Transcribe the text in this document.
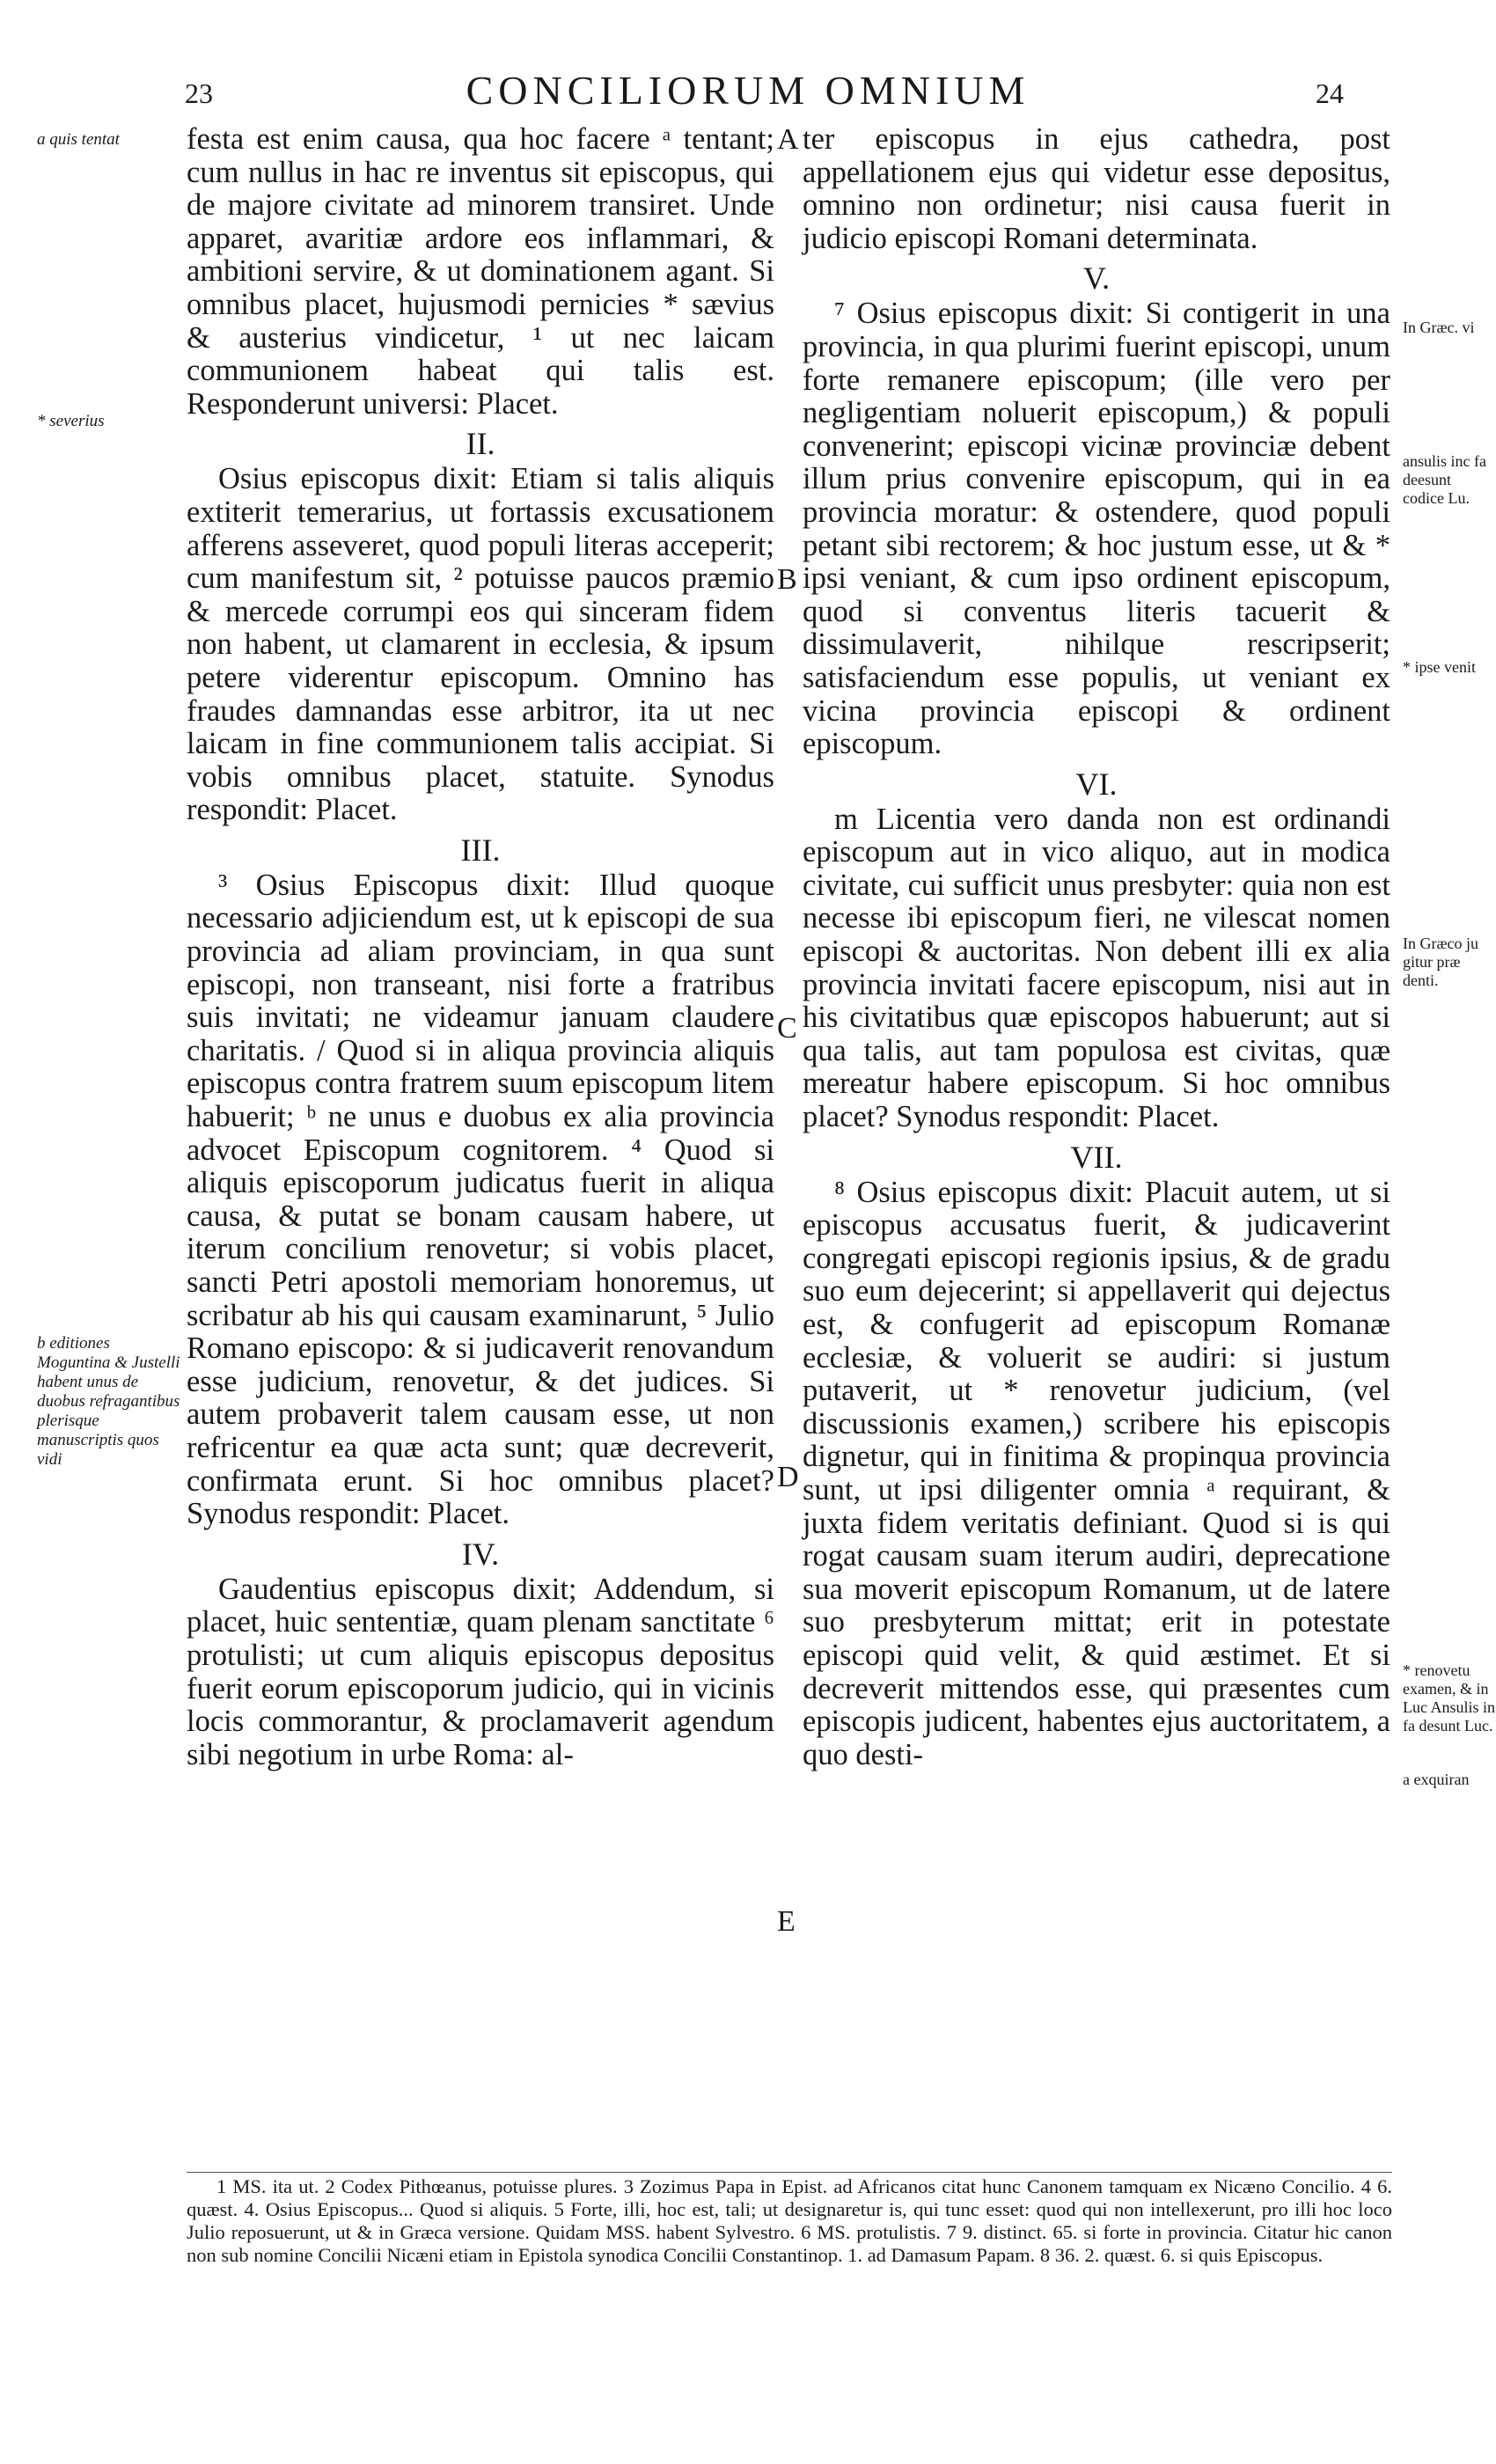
23	CONCILIORUM OMNIUM	24

festa est enim causa, qua hoc facere ᵃ tentant; cum nullus in hac re inventus sit episcopus, qui de majore civitate ad minorem transiret. Unde apparet, avaritiæ ardore eos inflammari, & ambitioni servire, & ut dominationem agant. Si omnibus placet, hujusmodi pernicies * sævius & austerius vindicetur, ¹ ut nec laicam communionem habeat qui talis est. Responderunt universi: Placet.

II.

Osius episcopus dixit: Etiam si talis aliquis extiterit temerarius, ut fortassis excusationem afferens asseveret, quod populi literas acceperit; cum manifestum sit, ² potuisse paucos præmio & mercede corrumpi eos qui sinceram fidem non habent, ut clamarent in ecclesia, & ipsum petere viderentur episcopum. Omnino has fraudes damnandas esse arbitror, ita ut nec laicam in fine communionem talis accipiat. Si vobis omnibus placet, statuite. Synodus respondit: Placet.

III.

³ Osius Episcopus dixit: Illud quoque necessario adjiciendum est, ut k episcopi de sua provincia ad aliam provinciam, in qua sunt episcopi, non transeant, nisi forte a fratribus suis invitati; ne videamur januam claudere charitatis. / Quod si in aliqua provincia aliquis episcopus contra fratrem suum episcopum litem habuerit; ᵇ ne unus e duobus ex alia provincia advocet Episcopum cognitorem. ⁴ Quod si aliquis episcoporum judicatus fuerit in aliqua causa, & putat se bonam causam habere, ut iterum concilium renovetur; si vobis placet, sancti Petri apostoli memoriam honoremus, ut scribatur ab his qui causam examinarunt, ⁵ Julio Romano episcopo: & si judicaverit renovandum esse judicium, renovetur, & det judices. Si autem probaverit talem causam esse, ut non refricentur ea quæ acta sunt; quæ decreverit, confirmata erunt. Si hoc omnibus placet? Synodus respondit: Placet.

IV.

Gaudentius episcopus dixit; Addendum, si placet, huic sententiæ, quam plenam sanctitate ⁶ protulisti; ut cum aliquis episcopus depositus fuerit eorum episcoporum judicio, qui in vicinis locis commorantur, & proclamaverit agendum sibi negotium in urbe Roma: al-

ter episcopus in ejus cathedra, post appellationem ejus qui videtur esse depositus, omnino non ordinetur; nisi causa fuerit in judicio episcopi Romani determinata.

V.

⁷ Osius episcopus dixit: Si contigerit in una provincia, in qua plurimi fuerint episcopi, unum forte remanere episcopum; (ille vero per negligentiam noluerit episcopum,) & populi convenerint; episcopi vicinæ provinciæ debent illum prius convenire episcopum, qui in ea provincia moratur: & ostendere, quod populi petant sibi rectorem; & hoc justum esse, ut & * ipsi veniant, & cum ipso ordinent episcopum, quod si conventus literis tacuerit & dissimulaverit, nihilque rescripserit; satisfaciendum esse populis, ut veniant ex vicina provincia episcopi & ordinent episcopum.

VI.

m Licentia vero danda non est ordinandi episcopum aut in vico aliquo, aut in modica civitate, cui sufficit unus presbyter: quia non est necesse ibi episcopum fieri, ne vilescat nomen episcopi & auctoritas. Non debent illi ex alia provincia invitati facere episcopum, nisi aut in his civitatibus quæ episcopos habuerunt; aut si qua talis, aut tam populosa est civitas, quæ mereatur habere episcopum. Si hoc omnibus placet? Synodus respondit: Placet.

VII.

⁸ Osius episcopus dixit: Placuit autem, ut si episcopus accusatus fuerit, & judicaverint congregati episcopi regionis ipsius, & de gradu suo eum dejecerint; si appellaverit qui dejectus est, & confugerit ad episcopum Romanæ ecclesiæ, & voluerit se audiri: si justum putaverit, ut * renovetur judicium, (vel discussionis examen,) scribere his episcopis dignetur, qui in finitima & propinqua provincia sunt, ut ipsi diligenter omnia ᵃ requirant, & juxta fidem veritatis definiant. Quod si is qui rogat causam suam iterum audiri, deprecatione sua moverit episcopum Romanum, ut de latere suo presbyterum mittat; erit in potestate episcopi quid velit, & quid æstimet. Et si decreverit mittendos esse, qui præsentes cum episcopis judicent, habentes ejus auctoritatem, a quo desti-

A
B
C
D
E
a quis tentat
* severius
b editiones Moguntina & Justelli habent unus de duobus refragantibus plerisque manuscriptis quos vidi
In Græc. vi
ansulis inc fa deesunt codice Lu.
* ipse venit
In Græco ju gitur præ denti.
* renovetu examen, & in Luc Ansulis in fa desunt Luc.
a exquiran

1 MS. ita ut. 2 Codex Pithœanus, potuisse plures. 3 Zozimus Papa in Epist. ad Africanos citat hunc Canonem tamquam ex Nicæno Concilio. 4 6. quæst. 4. Osius Episcopus... Quod si aliquis. 5 Forte, illi, hoc est, tali; ut designaretur is, qui tunc esset: quod qui non intellexerunt, pro illi hoc loco Julio reposuerunt, ut & in Græca versione. Quidam MSS. habent Sylvestro. 6 MS. protulistis. 7 9. distinct. 65. si forte in provincia. Citatur hic canon non sub nomine Concilii Nicæni etiam in Epistola synodica Concilii Constantinop. 1. ad Damasum Papam. 8 36. 2. quæst. 6. si quis Episcopus.
